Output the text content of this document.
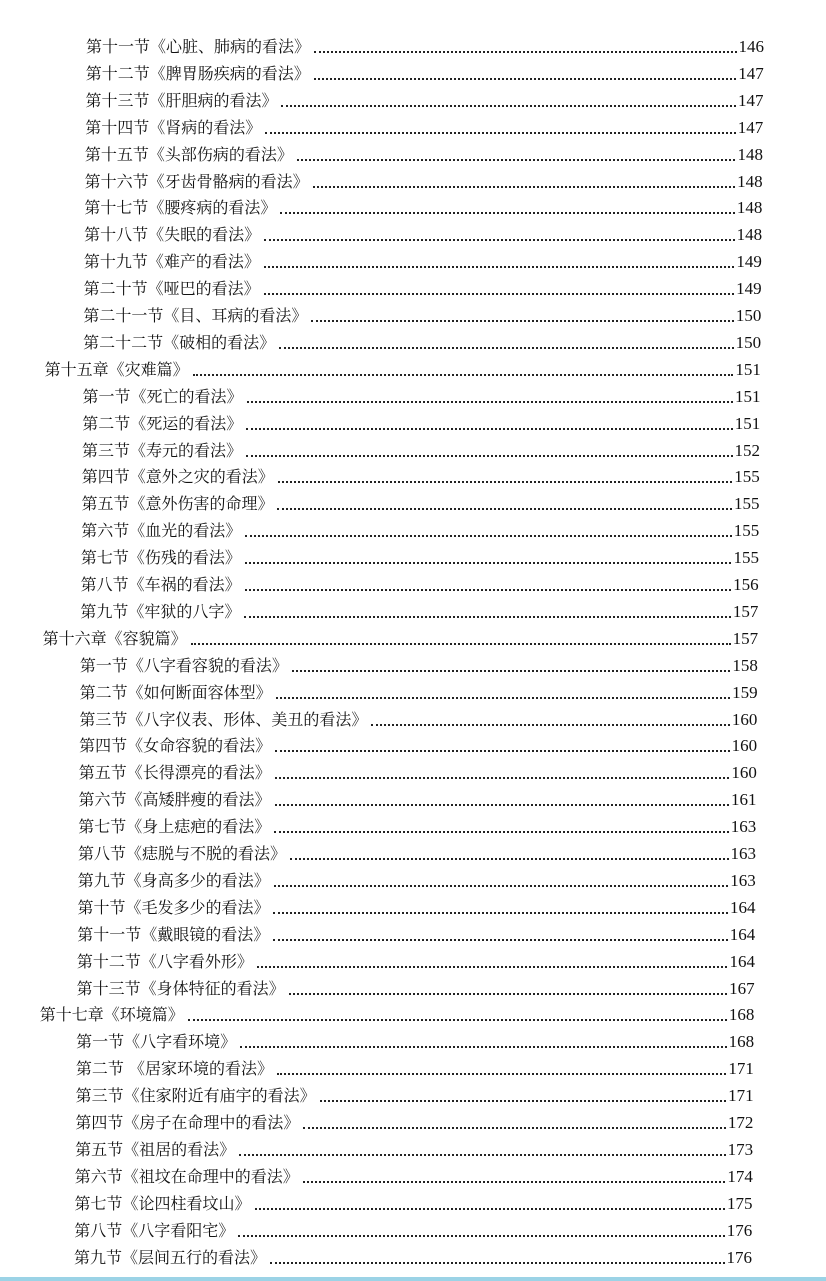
第十一节《心脏、肺病的看法》	146
第十二节《脾胃肠疾病的看法》	147
第十三节《肝胆病的看法》	147
第十四节《肾病的看法》	147
第十五节《头部伤病的看法》	148
第十六节《牙齿骨骼病的看法》	148
第十七节《腰疼病的看法》	148
第十八节《失眠的看法》	148
第十九节《难产的看法》	149
第二十节《哑巴的看法》	149
第二十一节《目、耳病的看法》	150
第二十二节《破相的看法》	150
第十五章《灾难篇》	151
第一节《死亡的看法》	151
第二节《死运的看法》	151
第三节《寿元的看法》	152
第四节《意外之灾的看法》	155
第五节《意外伤害的命理》	155
第六节《血光的看法》	155
第七节《伤残的看法》	155
第八节《车祸的看法》	156
第九节《牢狱的八字》	157
第十六章《容貌篇》	157
第一节《八字看容貌的看法》	158
第二节《如何断面容体型》	159
第三节《八字仪表、形体、美丑的看法》	160
第四节《女命容貌的看法》	160
第五节《长得漂亮的看法》	160
第六节《高矮胖瘦的看法》	161
第七节《身上痣疤的看法》	163
第八节《痣脱与不脱的看法》	163
第九节《身高多少的看法》	163
第十节《毛发多少的看法》	164
第十一节《戴眼镜的看法》	164
第十二节《八字看外形》	164
第十三节《身体特征的看法》	167
第十七章《环境篇》	168
第一节《八字看环境》	168
第二节 《居家环境的看法》	171
第三节《住家附近有庙宇的看法》	171
第四节《房子在命理中的看法》	172
第五节《祖居的看法》	173
第六节《祖坟在命理中的看法》	174
第七节《论四柱看坟山》	175
第八节《八字看阳宅》	176
第九节《层间五行的看法》	176
